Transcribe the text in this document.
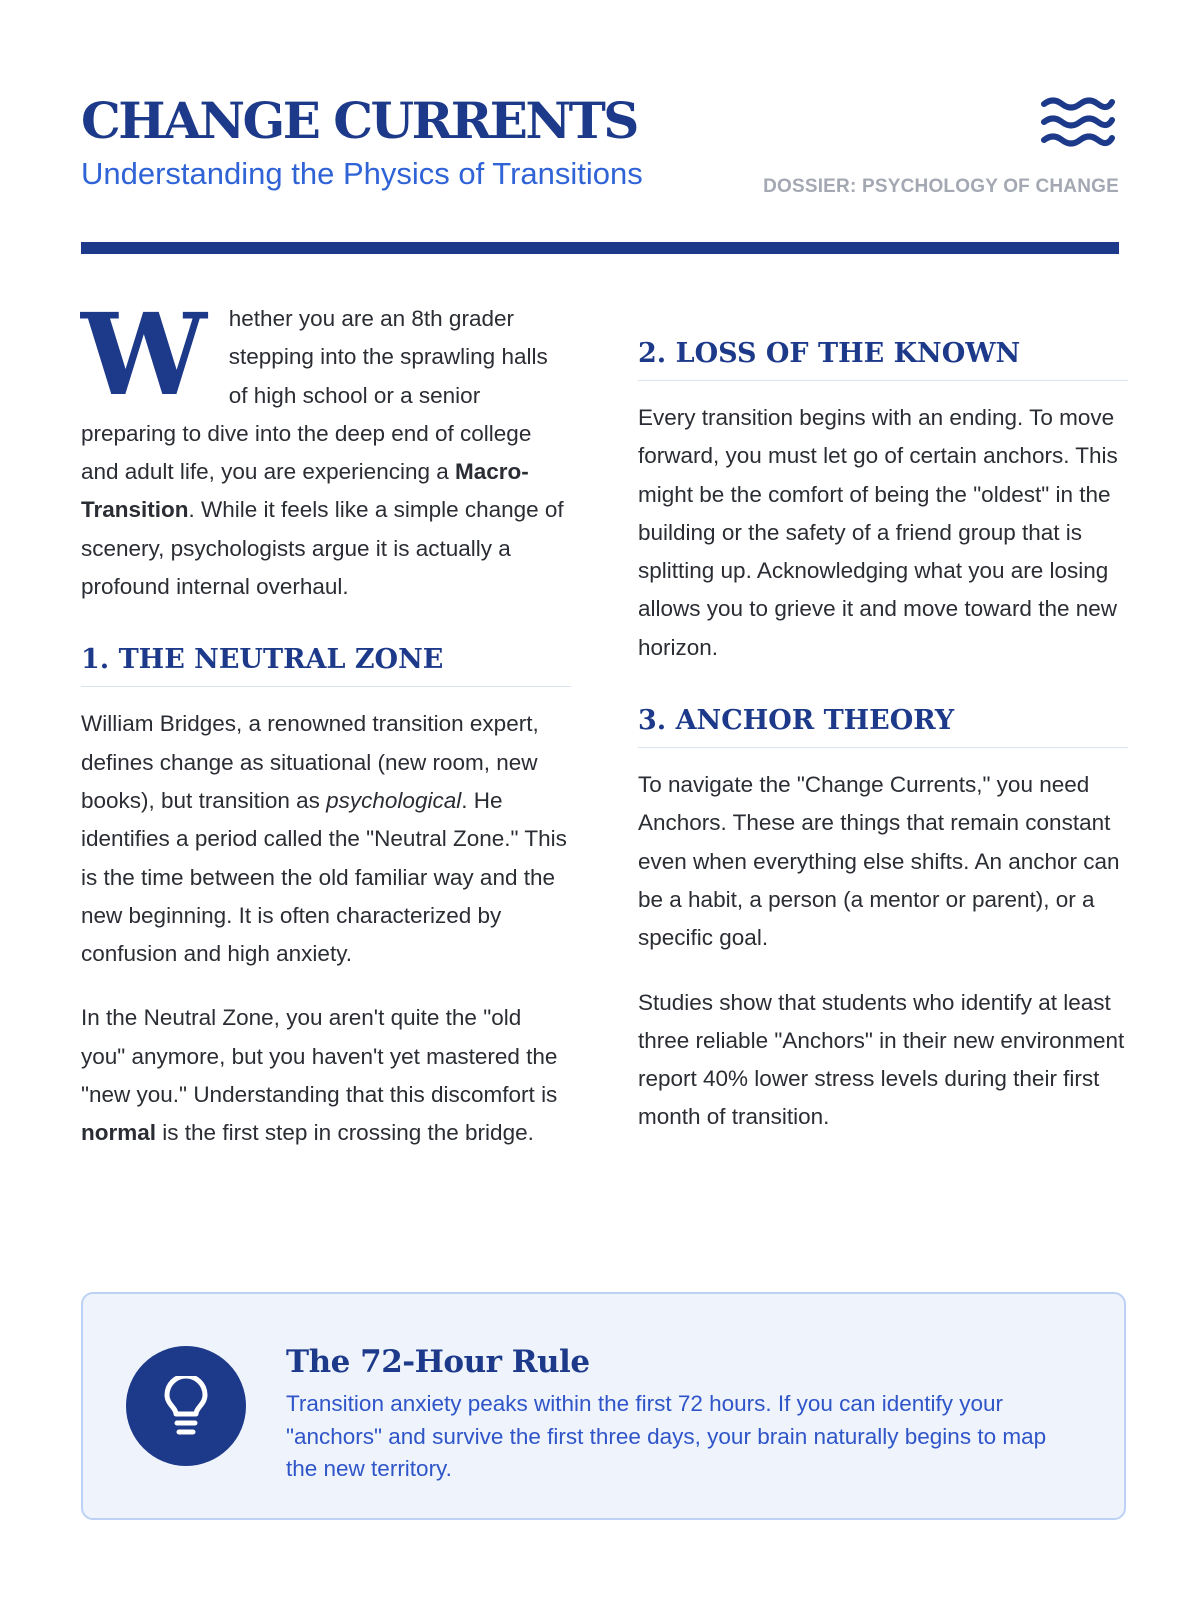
CHANGE CURRENTS
Understanding the Physics of Transitions	DOSSIER: PSYCHOLOGY OF CHANGE

Whether you are an 8th grader stepping into the sprawling halls of high school or a senior preparing to dive into the deep end of college and adult life, you are experiencing a Macro-Transition. While it feels like a simple change of scenery, psychologists argue it is actually a profound internal overhaul.

1. THE NEUTRAL ZONE

William Bridges, a renowned transition expert, defines change as situational (new room, new books), but transition as psychological. He identifies a period called the "Neutral Zone." This is the time between the old familiar way and the new beginning. It is often characterized by confusion and high anxiety.

In the Neutral Zone, you aren't quite the "old you" anymore, but you haven't yet mastered the "new you." Understanding that this discomfort is normal is the first step in crossing the bridge.

2. LOSS OF THE KNOWN

Every transition begins with an ending. To move forward, you must let go of certain anchors. This might be the comfort of being the "oldest" in the building or the safety of a friend group that is splitting up. Acknowledging what you are losing allows you to grieve it and move toward the new horizon.

3. ANCHOR THEORY

To navigate the "Change Currents," you need Anchors. These are things that remain constant even when everything else shifts. An anchor can be a habit, a person (a mentor or parent), or a specific goal.

Studies show that students who identify at least three reliable "Anchors" in their new environment report 40% lower stress levels during their first month of transition.

The 72-Hour Rule
Transition anxiety peaks within the first 72 hours. If you can identify your "anchors" and survive the first three days, your brain naturally begins to map the new territory.
